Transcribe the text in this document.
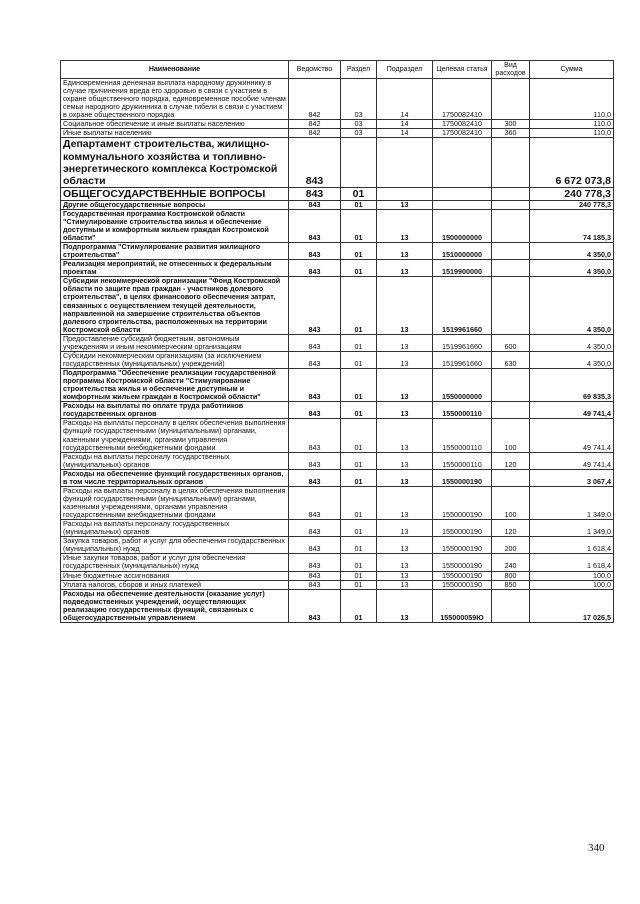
Наименование	Ведомство	Раздел	Подраздел	Целевая статья	Вид расходов	Сумма
Единовременная денежная выплата народному дружиннику в случае причинения вреда его здоровью в связи с участием в охране общественного порядка, единовременное пособие членам семьи народного дружинника в случае гибели в связи с участием в охране общественного порядка	842	03	14	1750082410		110,0
Социальное обеспечение и иные выплаты населению	842	03	14	1750082410	300	110,0
Иные выплаты населению	842	03	14	1750082410	360	110,0
Департамент строительства, жилищно-коммунального хозяйства и топливно-энергетического комплекса Костромской области	843					6 672 073,8
ОБЩЕГОСУДАРСТВЕННЫЕ ВОПРОСЫ	843	01				240 778,3
Другие общегосударственные вопросы	843	01	13			240 778,3
Государственная программа Костромской области "Стимулирование строительства жилья и обеспечение доступным и комфортным жильем граждан Костромской области"	843	01	13	1500000000		74 185,3
Подпрограмма "Стимулирование развития жилищного строительства"	843	01	13	1510000000		4 350,0
Реализация мероприятий, не отнесенных к федеральным проектам	843	01	13	1519900000		4 350,0
Субсидии некоммерческой организации "Фонд Костромской области по защите прав граждан - участников долевого строительства", в целях финансового обеспечения затрат, связанных с осуществлением текущей деятельности, направленной на завершение строительства объектов долевого строительства, расположенных на территории Костромской области	843	01	13	1519961660		4 350,0
Предоставление субсидий бюджетным, автономным учреждениям и иным некоммерческим организациям	843	01	13	1519961660	600	4 350,0
Субсидии некоммерческим организациям (за исключением государственных (муниципальных) учреждений)	843	01	13	1519961660	630	4 350,0
Подпрограмма "Обеспечение реализации государственной программы Костромской области "Стимулирование строительства жилья и обеспечение доступным и комфортным жильем граждан в Костромской области"	843	01	13	1550000000		69 835,3
Расходы на выплаты по оплате труда работников государственных органов	843	01	13	1550000110		49 741,4
Расходы на выплаты персоналу в целях обеспечения выполнения функций государственными (муниципальными) органами, казенными учреждениями, органами управления государственными внебюджетными фондами	843	01	13	1550000110	100	49 741,4
Расходы на выплаты персоналу государственных (муниципальных) органов	843	01	13	1550000110	120	49 741,4
Расходы на обеспечение функций государственных органов, в том числе территориальных органов	843	01	13	1550000190		3 067,4
Расходы на выплаты персоналу в целях обеспечения выполнения функций государственными (муниципальными) органами, казенными учреждениями, органами управления государственными внебюджетными фондами	843	01	13	1550000190	100	1 349,0
Расходы на выплаты персоналу государственных (муниципальных) органов	843	01	13	1550000190	120	1 349,0
Закупка товаров, работ и услуг для обеспечения государственных (муниципальных) нужд	843	01	13	1550000190	200	1 618,4
Иные закупки товаров, работ и услуг для обеспечения государственных (муниципальных) нужд	843	01	13	1550000190	240	1 618,4
Иные бюджетные ассигнования	843	01	13	1550000190	800	100,0
Уплата налогов, сборов и иных платежей	843	01	13	1550000190	850	100,0
Расходы на обеспечение деятельности (оказание услуг) подведомственных учреждений, осуществляющих реализацию государственных функций, связанных с общегосударственным управлением	843	01	13	155000059Ю		17 026,5
340
